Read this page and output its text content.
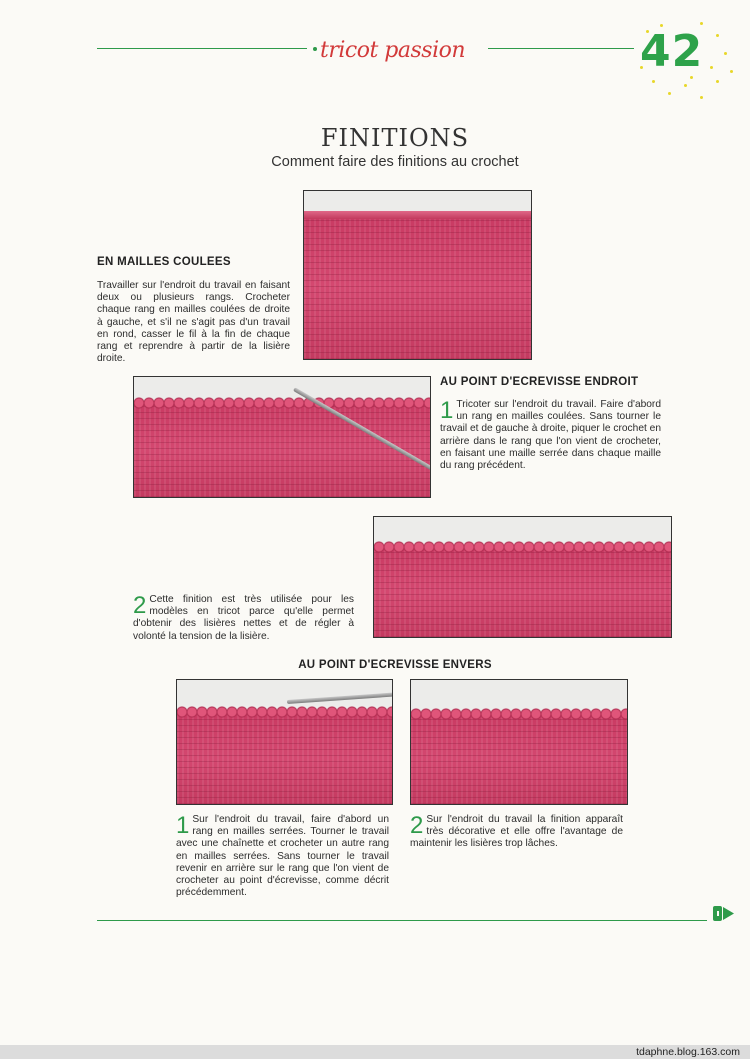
tricot passion	42
FINITIONS
Comment faire des finitions au crochet
EN MAILLES COULEES
Travailler sur l'endroit du travail en faisant deux ou plusieurs rangs. Crocheter chaque rang en mailles coulées de droite à gauche, et s'il ne s'agit pas d'un travail en rond, casser le fil à la fin de chaque rang et reprendre à partir de la lisière droite.
AU POINT D'ECREVISSE ENDROIT
1 Tricoter sur l'endroit du travail. Faire d'abord un rang en mailles coulées. Sans tourner le travail et de gauche à droite, piquer le crochet en arrière dans le rang que l'on vient de crocheter, en faisant une maille serrée dans chaque maille du rang précédent.
2 Cette finition est très utilisée pour les modèles en tricot parce qu'elle permet d'obtenir des lisières nettes et de régler à volonté la tension de la lisière.
AU POINT D'ECREVISSE ENVERS
1 Sur l'endroit du travail, faire d'abord un rang en mailles serrées. Tourner le travail avec une chaînette et crocheter un autre rang en mailles serrées. Sans tourner le travail revenir en arrière sur le rang que l'on vient de crocheter au point d'écrevisse, comme décrit précédemment.
2 Sur l'endroit du travail la finition apparaît très décorative et elle offre l'avantage de maintenir les lisières trop lâches.
tdaphne.blog.163.com
